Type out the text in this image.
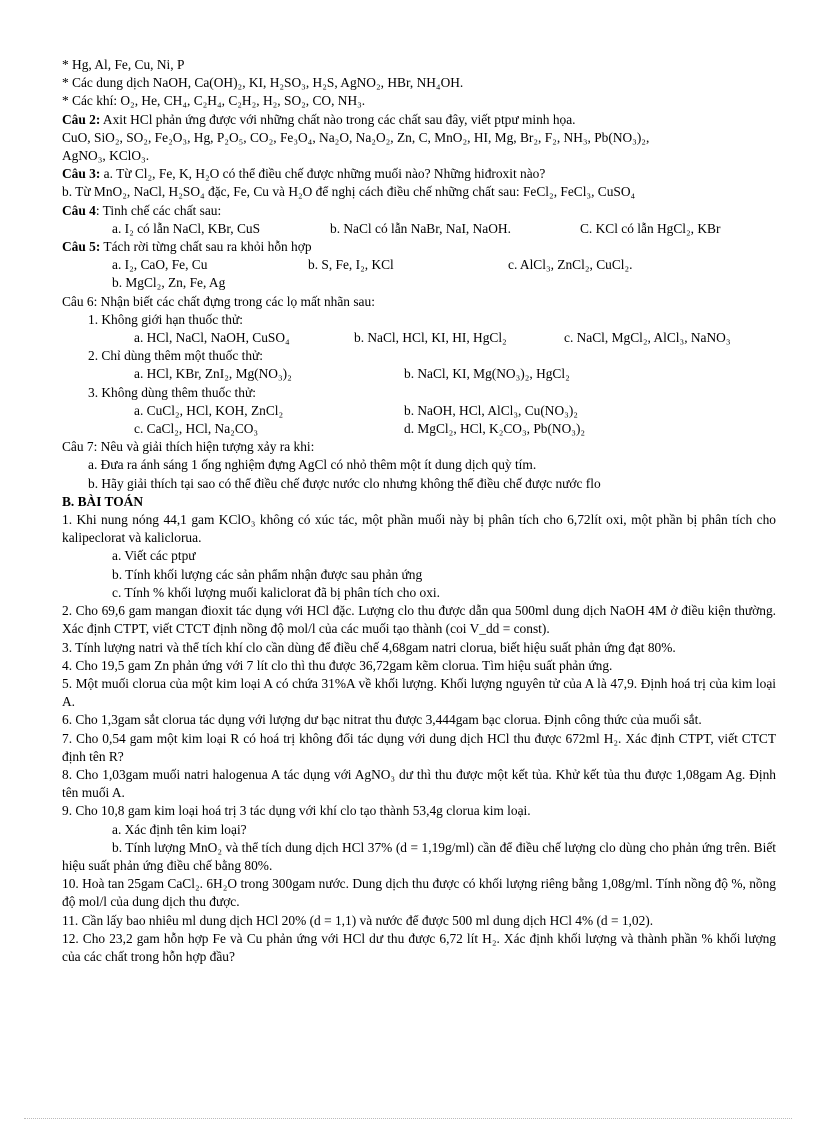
* Hg, Al, Fe, Cu, Ni, P

* Các dung dịch NaOH, Ca(OH)₂, KI, H₂SO₃, H₂S, AgNO₂, HBr, NH₄OH.

* Các khí: O₂, He, CH₄, C₂H₄, C₂H₂, H₂, SO₂, CO, NH₃.

Câu 2: Axit HCl phản ứng được với những chất nào trong các chất sau đây, viết ptpư minh họa.

CuO, SiO₂, SO₂, Fe₂O₃, Hg, P₂O₅, CO₂, Fe₃O₄, Na₂O, Na₂O₂, Zn, C, MnO₂, HI, Mg, Br₂, F₂, NH₃, Pb(NO₃)₂,

AgNO₃, KClO₃.

Câu 3: a. Từ Cl₂, Fe, K, H₂O có thể điều chế được những muối nào? Những hiđroxit nào?

b. Từ MnO₂, NaCl, H₂SO₄ đặc, Fe, Cu và H₂O để nghị cách điều chế những chất sau: FeCl₂, FeCl₃, CuSO₄

Câu 4: Tinh chế các chất sau:

a. I₂ có lẫn NaCl, KBr, CuS	b. NaCl có lẫn NaBr, NaI, NaOH.	C. KCl có lẫn HgCl₂, KBr

Câu 5: Tách rời từng chất sau ra khỏi hỗn hợp

a. I₂, CaO, Fe, Cu	b. S, Fe, I₂, KCl	c. AlCl₃, ZnCl₂, CuCl₂.

b. MgCl₂, Zn, Fe, Ag

Câu 6: Nhận biết các chất đựng trong các lọ mất nhãn sau:

1. Không giới hạn thuốc thử:

a. HCl, NaCl, NaOH, CuSO₄	b. NaCl, HCl, KI, HI, HgCl₂	c. NaCl, MgCl₂, AlCl₃, NaNO₃

2. Chỉ dùng thêm một thuốc thử:

a. HCl, KBr, ZnI₂, Mg(NO₃)₂	b. NaCl, KI, Mg(NO₃)₂, HgCl₂

3. Không dùng thêm thuốc thử:

a. CuCl₂, HCl, KOH, ZnCl₂	b. NaOH, HCl, AlCl₃, Cu(NO₃)₂
c. CaCl₂, HCl, Na₂CO₃	d. MgCl₂, HCl, K₂CO₃, Pb(NO₃)₂

Câu 7: Nêu và giải thích hiện tượng xảy ra khi:

a. Đưa ra ánh sáng 1 ống nghiệm đựng AgCl có nhỏ thêm một ít dung dịch quỳ tím.

b. Hãy giải thích tại sao có thể điều chế được nước clo nhưng không thể điều chế được nước flo

B. BÀI TOÁN

1. Khi nung nóng 44,1 gam KClO₃ không có xúc tác, một phần muối này bị phân tích cho 6,72lít oxi, một phần bị phân tích cho kalipeclorat và kaliclorua.

a. Viết các ptpư

b. Tính khối lượng các sản phẩm nhận được sau phản ứng

c. Tính % khối lượng muối kaliclorat đã bị phân tích cho oxi.

2. Cho 69,6 gam mangan đioxit tác dụng với HCl đặc. Lượng clo thu được dẫn qua 500ml dung dịch NaOH 4M ở điều kiện thường. Xác định CTPT, viết CTCT định nồng độ mol/l của các muối tạo thành (coi V_dd = const).

3. Tính lượng natri và thể tích khí clo cần dùng để điều chế 4,68gam natri clorua, biết hiệu suất phản ứng đạt 80%.

4. Cho 19,5 gam Zn phản ứng với 7 lít clo thì thu được 36,72gam kẽm clorua. Tìm hiệu suất phản ứng.

5. Một muối clorua của một kim loại A có chứa 31%A về khối lượng. Khối lượng nguyên tử của A là 47,9. Định hoá trị của kim loại A.

6. Cho 1,3gam sắt clorua tác dụng với lượng dư bạc nitrat thu được 3,444gam bạc clorua. Định công thức của muối sắt.

7. Cho 0,54 gam một kim loại R có hoá trị không đổi tác dụng với dung dịch HCl thu được 672ml H₂. Xác định CTPT, viết CTCT định tên R?

8. Cho 1,03gam muối natri halogenua A tác dụng với AgNO₃ dư thì thu được một kết tủa. Khử kết tủa thu được 1,08gam Ag. Định tên muối A.

9. Cho 10,8 gam kim loại hoá trị 3 tác dụng với khí clo tạo thành 53,4g clorua kim loại.

a. Xác định tên kim loại?

b. Tính lượng MnO₂ và thể tích dung dịch HCl 37% (d = 1,19g/ml) cần để điều chế lượng clo dùng cho phản ứng trên. Biết hiệu suất phản ứng điều chế bằng 80%.

10. Hoà tan 25gam CaCl₂. 6H₂O trong 300gam nước. Dung dịch thu được có khối lượng riêng bằng 1,08g/ml. Tính nồng độ %, nồng độ mol/l của dung dịch thu được.

11. Cần lấy bao nhiêu ml dung dịch HCl 20% (d = 1,1) và nước để được 500 ml dung dịch HCl 4% (d = 1,02).

12. Cho 23,2 gam hỗn hợp Fe và Cu phản ứng với HCl dư thu được 6,72 lít H₂. Xác định khối lượng và thành phần % khối lượng của các chất trong hỗn hợp đầu?
